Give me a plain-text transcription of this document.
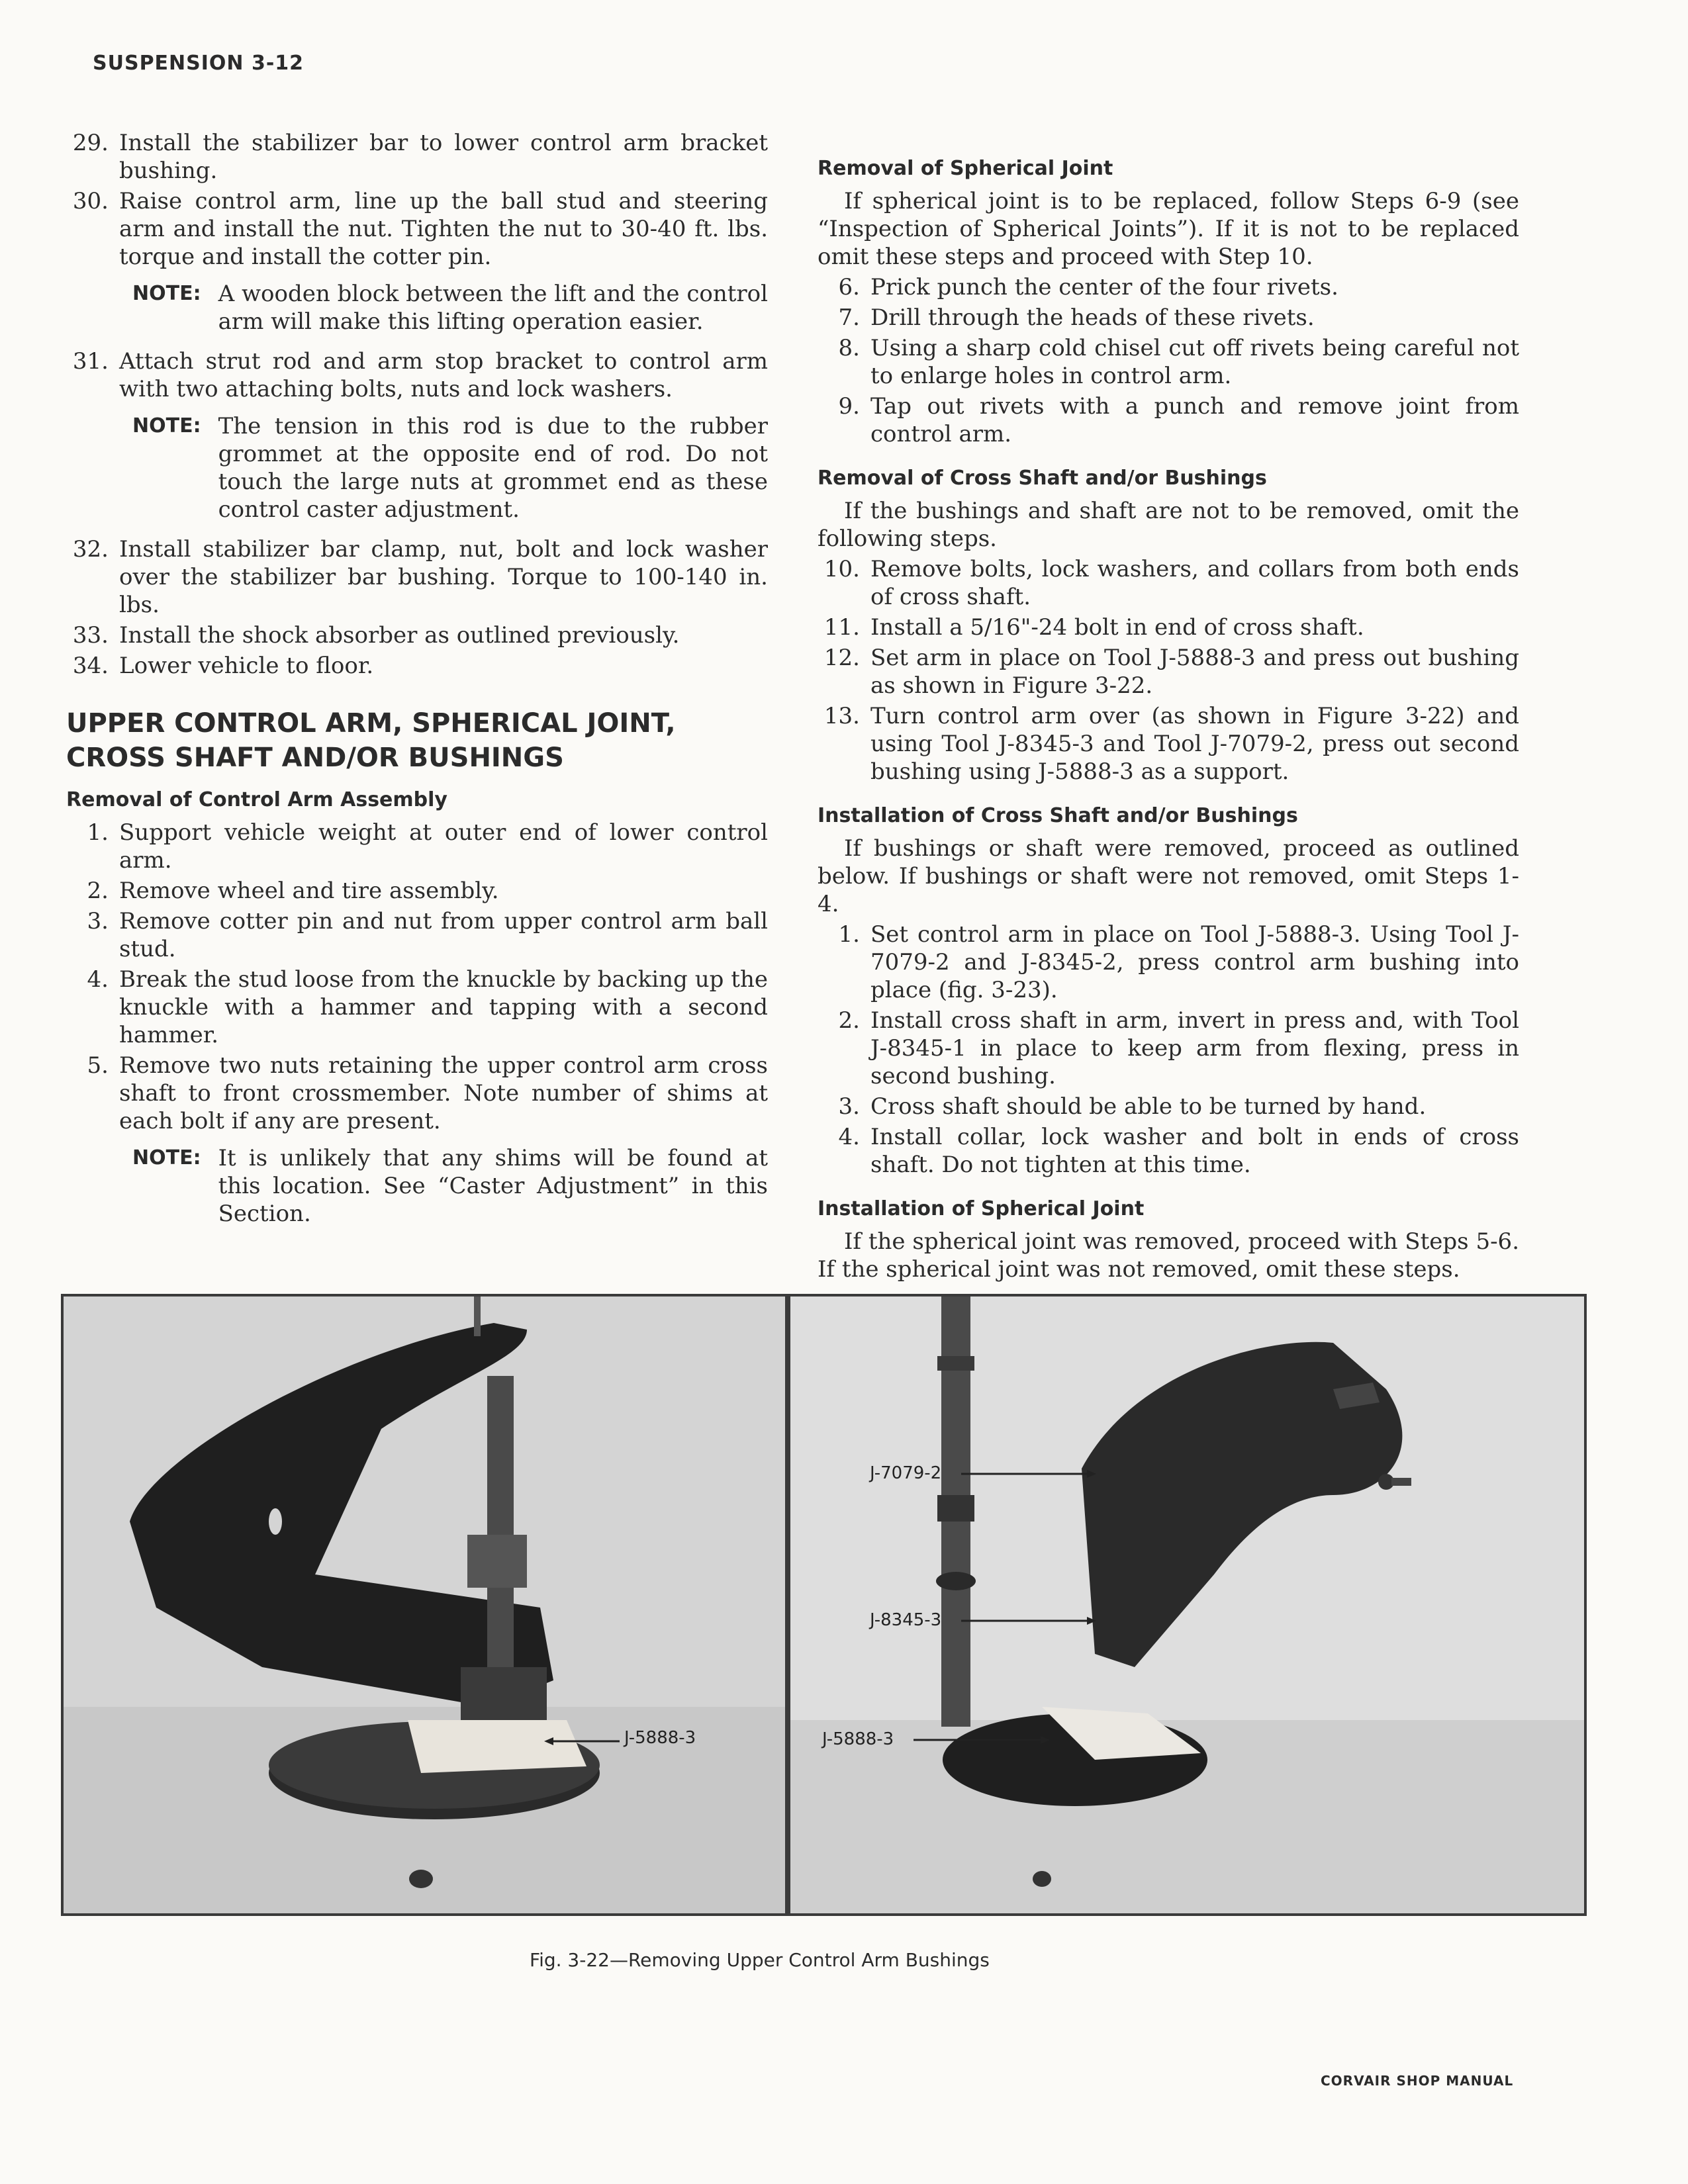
SUSPENSION 3-12
29. Install the stabilizer bar to lower control arm bracket bushing.
30. Raise control arm, line up the ball stud and steering arm and install the nut. Tighten the nut to 30-40 ft. lbs. torque and install the cotter pin.
NOTE: A wooden block between the lift and the control arm will make this lifting operation easier.
31. Attach strut rod and arm stop bracket to control arm with two attaching bolts, nuts and lock washers.
NOTE: The tension in this rod is due to the rubber grommet at the opposite end of rod. Do not touch the large nuts at grommet end as these control caster adjustment.
32. Install stabilizer bar clamp, nut, bolt and lock washer over the stabilizer bar bushing. Torque to 100-140 in. lbs.
33. Install the shock absorber as outlined previously.
34. Lower vehicle to floor.
UPPER CONTROL ARM, SPHERICAL JOINT, CROSS SHAFT AND/OR BUSHINGS
Removal of Control Arm Assembly
1. Support vehicle weight at outer end of lower control arm.
2. Remove wheel and tire assembly.
3. Remove cotter pin and nut from upper control arm ball stud.
4. Break the stud loose from the knuckle by backing up the knuckle with a hammer and tapping with a second hammer.
5. Remove two nuts retaining the upper control arm cross shaft to front crossmember. Note number of shims at each bolt if any are present.
NOTE: It is unlikely that any shims will be found at this location. See “Caster Adjustment” in this Section.
Removal of Spherical Joint

If spherical joint is to be replaced, follow Steps 6-9 (see “Inspection of Spherical Joints”). If it is not to be replaced omit these steps and proceed with Step 10.

6. Prick punch the center of the four rivets.
7. Drill through the heads of these rivets.
8. Using a sharp cold chisel cut off rivets being careful not to enlarge holes in control arm.
9. Tap out rivets with a punch and remove joint from control arm.
Removal of Cross Shaft and/or Bushings

If the bushings and shaft are not to be removed, omit the following steps.

10. Remove bolts, lock washers, and collars from both ends of cross shaft.
11. Install a 5/16"-24 bolt in end of cross shaft.
12. Set arm in place on Tool J-5888-3 and press out bushing as shown in Figure 3-22.
13. Turn control arm over (as shown in Figure 3-22) and using Tool J-8345-3 and Tool J-7079-2, press out second bushing using J-5888-3 as a support.
Installation of Cross Shaft and/or Bushings

If bushings or shaft were removed, proceed as outlined below. If bushings or shaft were not removed, omit Steps 1-4.

1. Set control arm in place on Tool J-5888-3. Using Tool J-7079-2 and J-8345-2, press control arm bushing into place (fig. 3-23).
2. Install cross shaft in arm, invert in press and, with Tool J-8345-1 in place to keep arm from flexing, press in second bushing.
3. Cross shaft should be able to be turned by hand.
4. Install collar, lock washer and bolt in ends of cross shaft. Do not tighten at this time.
Installation of Spherical Joint

If the spherical joint was removed, proceed with Steps 5-6. If the spherical joint was not removed, omit these steps.

J-5888-3
J-7079-2
J-8345-3
J-5888-3
Fig. 3-22—Removing Upper Control Arm Bushings
CORVAIR SHOP MANUAL
